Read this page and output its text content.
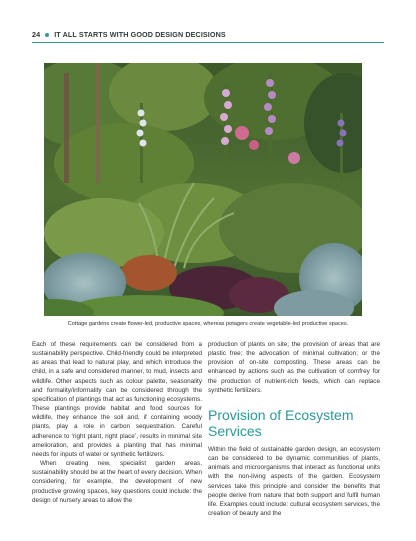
24 IT ALL STARTS WITH GOOD DESIGN DECISIONS
Cottage gardens create flower-led, productive spaces, whereas potagers create vegetable-led productive spaces.

Each of these requirements can be considered from a sustainability perspective. Child-friendly could be interpreted as areas that lead to natural play, and which introduce the child, in a safe and considered manner, to mud, insects and wildlife. Other aspects such as colour palette, seasonality and formality/informality can be considered through the specification of plantings that act as functioning ecosystems. These plantings provide habitat and food sources for wildlife, they enhance the soil and, if containing woody plants, play a role in carbon sequestration. Careful adherence to ‘right plant, right place’, results in minimal site amelioration, and provides a planting that has minimal needs for inputs of water or synthetic fertilizers.

When creating new, specialist garden areas, sustainability should be at the heart of every decision. When considering, for example, the development of new productive growing spaces, key questions could include: the design of nursery areas to allow the

production of plants on site; the provision of areas that are plastic free; the advocation of minimal cultivation; or the provision of on-site composting. These areas can be enhanced by actions such as the cultivation of comfrey for the production of nutrient-rich feeds, which can replace synthetic fertilizers.

Provision of Ecosystem Services

Within the field of sustainable garden design, an ecosystem can be considered to be dynamic communities of plants, animals and microorganisms that interact as functional units with the non-living aspects of the garden. Ecosystem services take this principle and consider the benefits that people derive from nature that both support and fulfil human life. Examples could include: cultural ecosystem services, the creation of beauty and the
